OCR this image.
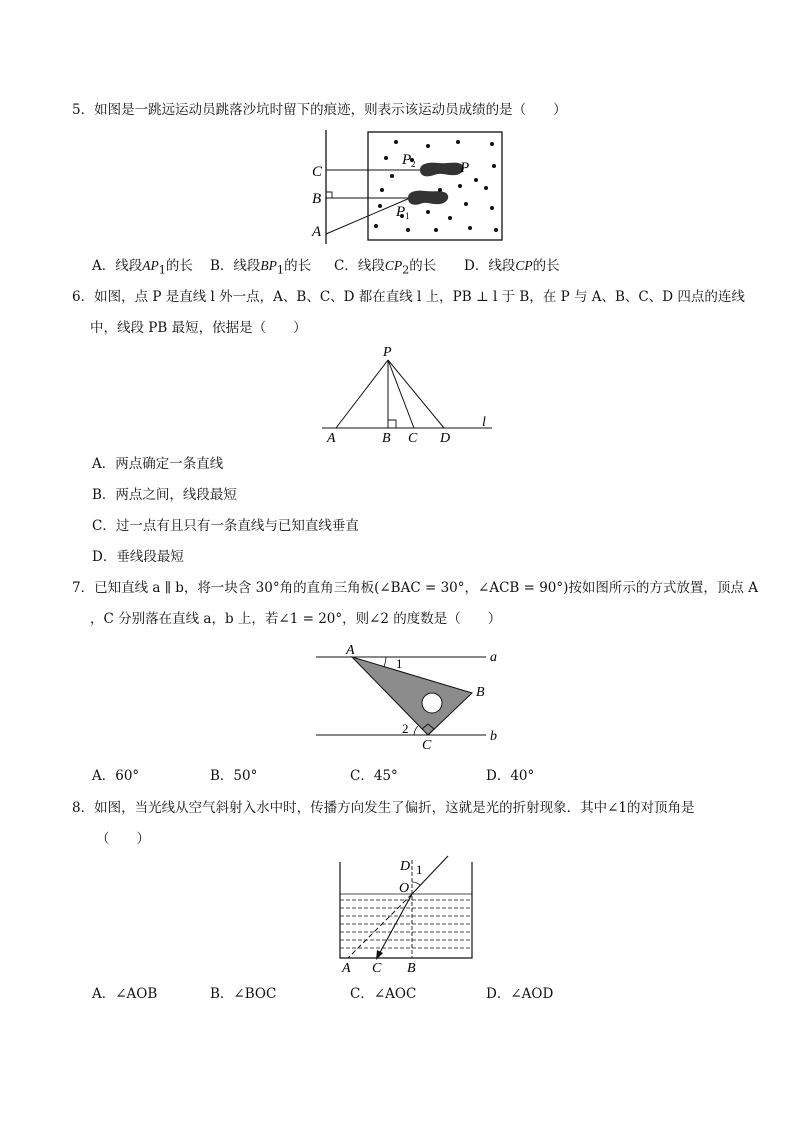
5．如图是一跳远运动员跳落沙坑时留下的痕迹，则表示该运动员成绩的是（　　）
C
B
A
P 2	P
P 1
A．线段$AP_1$的长 B．线段$BP_1$的长 C．线段$CP_2$的长 D．线段CP的长
6．如图，点 P 是直线 l 外一点，A、B、C、D 都在直线 l 上，PB ⊥ l 于 B，在 P 与 A、B、C、D 四点的连线
中，线段 PB 最短，依据是（　　）
P
A	B C D
l
A．两点确定一条直线
B．两点之间，线段最短
C．过一点有且只有一条直线与已知直线垂直
D．垂线段最短
7．已知直线 a ∥ b，将一块含 30°角的直角三角板(∠BAC = 30°，∠ACB = 90°)按如图所示的方式放置，顶点 A
，C 分别落在直线 a，b 上，若∠1 = 20°，则∠2 的度数是（　　）
A
B
C
a
b
1
2
A．60°	B．50°	C．45°	D．40°
8．如图，当光线从空气斜射入水中时，传播方向发生了偏折，这就是光的折射现象．其中∠1的对顶角是
（　　）
D 1
O
A C B
A．∠AOB	B．∠BOC	C．∠AOC	D．∠AOD
